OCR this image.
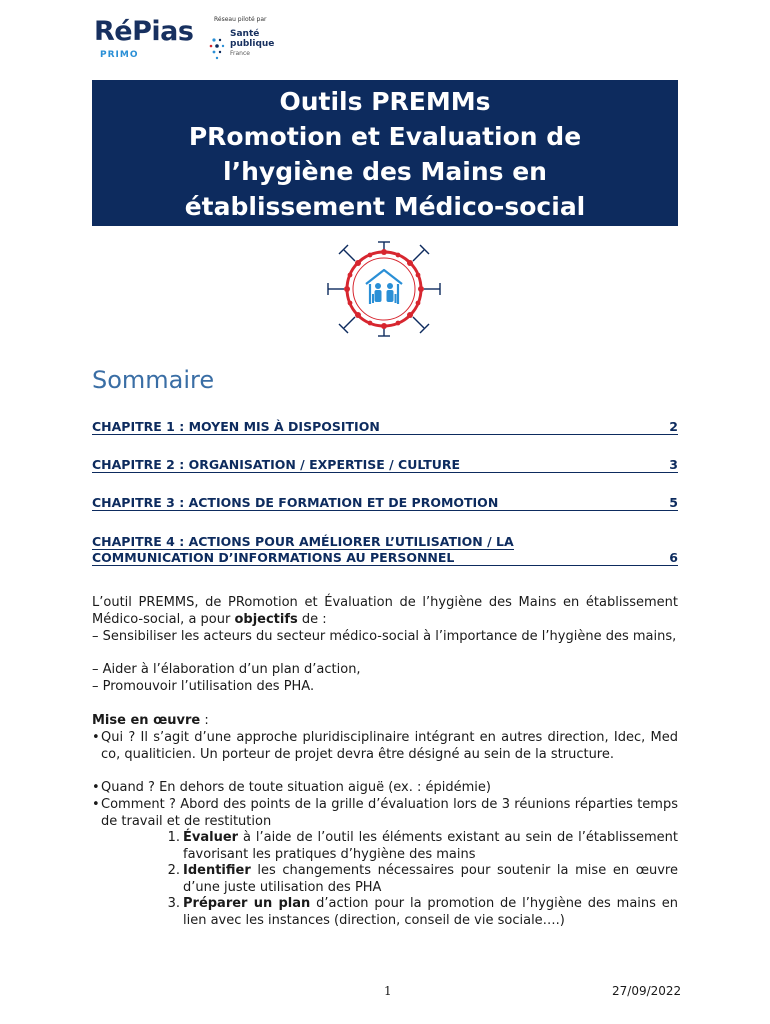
RéPias
PRIMO
Réseau piloté par
Santé
publique
France
Outils PREMMs
PRomotion et Evaluation de
l’hygiène des Mains en
établissement Médico-social
Sommaire
CHAPITRE 1 : MOYEN MIS À DISPOSITION	2
CHAPITRE 2 : ORGANISATION / EXPERTISE / CULTURE	3
CHAPITRE 3 : ACTIONS DE FORMATION ET DE PROMOTION	5
CHAPITRE 4 : ACTIONS POUR AMÉLIORER L’UTILISATION / LA
COMMUNICATION D’INFORMATIONS AU PERSONNEL	6
L’outil PREMMS, de PRomotion et Évaluation de l’hygiène des Mains en établissement Médico-social, a pour objectifs de :
– Sensibiliser les acteurs du secteur médico-social à l’importance de l’hygiène des mains,
– Aider à l’élaboration d’un plan d’action,
– Promouvoir l’utilisation des PHA.
Mise en œuvre :
• Qui ? Il s’agit d’une approche pluridisciplinaire intégrant en autres direction, Idec, Med co, qualiticien. Un porteur de projet devra être désigné au sein de la structure.
• Quand ? En dehors de toute situation aiguë (ex. : épidémie)
• Comment ? Abord des points de la grille d’évaluation lors de 3 réunions réparties temps de travail et de restitution
1. Évaluer à l’aide de l’outil les éléments existant au sein de l’établissement favorisant les pratiques d’hygiène des mains
2. Identifier les changements nécessaires pour soutenir la mise en œuvre d’une juste utilisation des PHA
3. Préparer un plan d’action pour la promotion de l’hygiène des mains en lien avec les instances (direction, conseil de vie sociale….)
1	27/09/2022
